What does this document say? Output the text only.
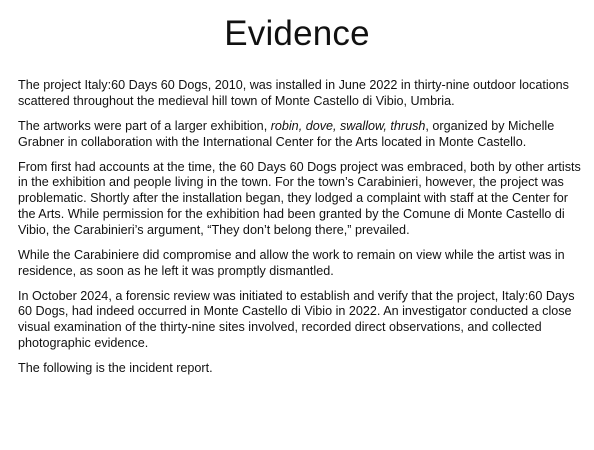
Evidence

The project Italy:60 Days 60 Dogs, 2010, was installed in June 2022 in thirty-nine outdoor locations scattered throughout the medieval hill town of Monte Castello di Vibio, Umbria.

The artworks were part of a larger exhibition, robin, dove, swallow, thrush, organized by Michelle Grabner in collaboration with the International Center for the Arts located in Monte Castello.

From first had accounts at the time, the 60 Days 60 Dogs project was embraced, both by other artists in the exhibition and people living in the town. For the town’s Carabinieri, however, the project was problematic. Shortly after the installation began, they lodged a complaint with staff at the Center for the Arts. While permission for the exhibition had been granted by the Comune di Monte Castello di Vibio, the Carabinieri’s argument, “They don’t belong there,” prevailed.

While the Carabiniere did compromise and allow the work to remain on view while the artist was in residence, as soon as he left it was promptly dismantled.

In October 2024, a forensic review was initiated to establish and verify that the project, Italy:60 Days 60 Dogs, had indeed occurred in Monte Castello di Vibio in 2022. An investigator conducted a close visual examination of the thirty-nine sites involved, recorded direct observations, and collected photographic evidence.

The following is the incident report.
